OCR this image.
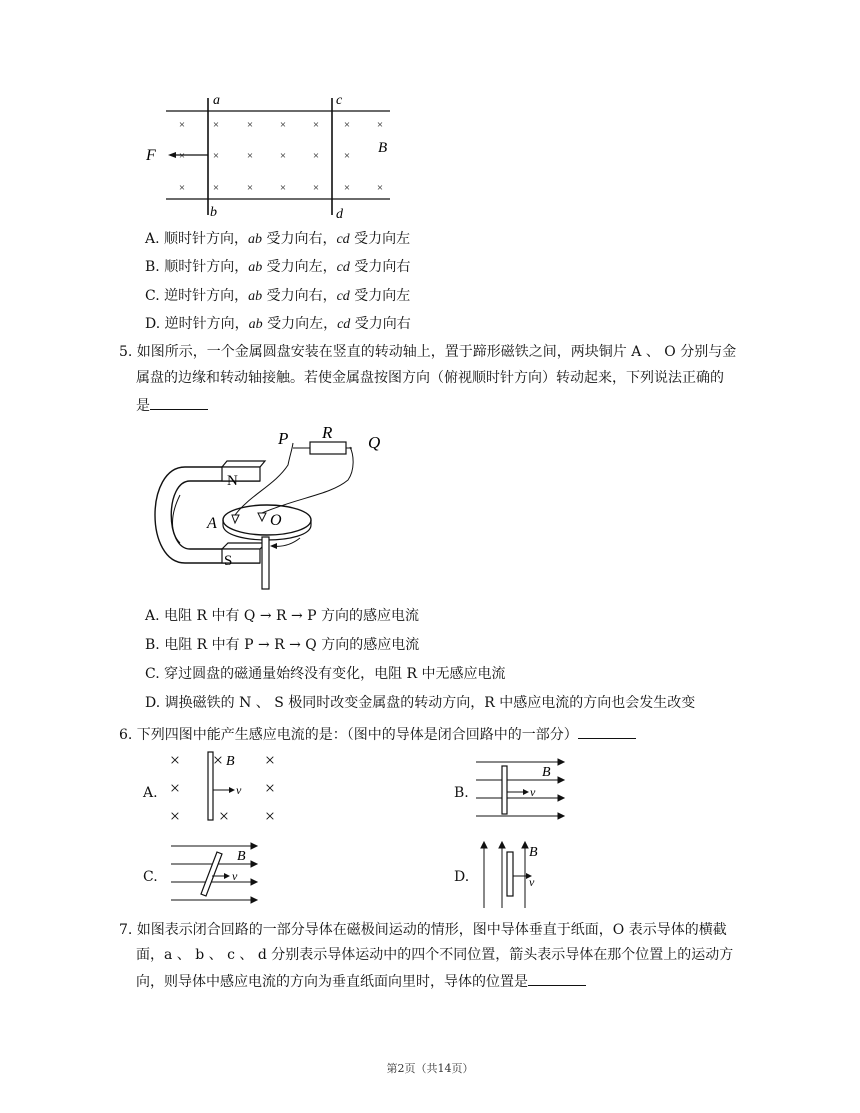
×	×	× × × × ×
×	×	× × × ×
×	×	× × × × ×
a	c
b	d
F	B
A. 顺时针方向，ab 受力向右，cd 受力向左
B. 顺时针方向，ab 受力向左，cd 受力向右
C. 逆时针方向，ab 受力向右，cd 受力向左
D. 逆时针方向，ab 受力向左，cd 受力向右
5. 如图所示，一个金属圆盘安装在竖直的转动轴上，置于蹄形磁铁之间，两块铜片 A 、 O 分别与金
属盘的边缘和转动轴接触。若使金属盘按图方向（俯视顺时针方向）转动起来，下列说法正确的
是
N
S
P R
Q
A	O
A. 电阻 R 中有 Q → R → P 方向的感应电流
B. 电阻 R 中有 P → R → Q 方向的感应电流
C. 穿过圆盘的磁通量始终没有变化，电阻 R 中无感应电流
D. 调换磁铁的 N 、 S 极同时改变金属盘的转动方向，R 中感应电流的方向也会发生改变
6. 下列四图中能产生感应电流的是：（图中的导体是闭合回路中的一部分）
A.
× × ×
×	×
× × ×
B
v	B.
B
v
C.
B
v	D.
B
v
7. 如图表示闭合回路的一部分导体在磁极间运动的情形，图中导体垂直于纸面，O 表示导体的横截
面，a 、 b 、 c 、 d 分别表示导体运动中的四个不同位置，箭头表示导体在那个位置上的运动方
向，则导体中感应电流的方向为垂直纸面向里时，导体的位置是
第2页（共14页）
